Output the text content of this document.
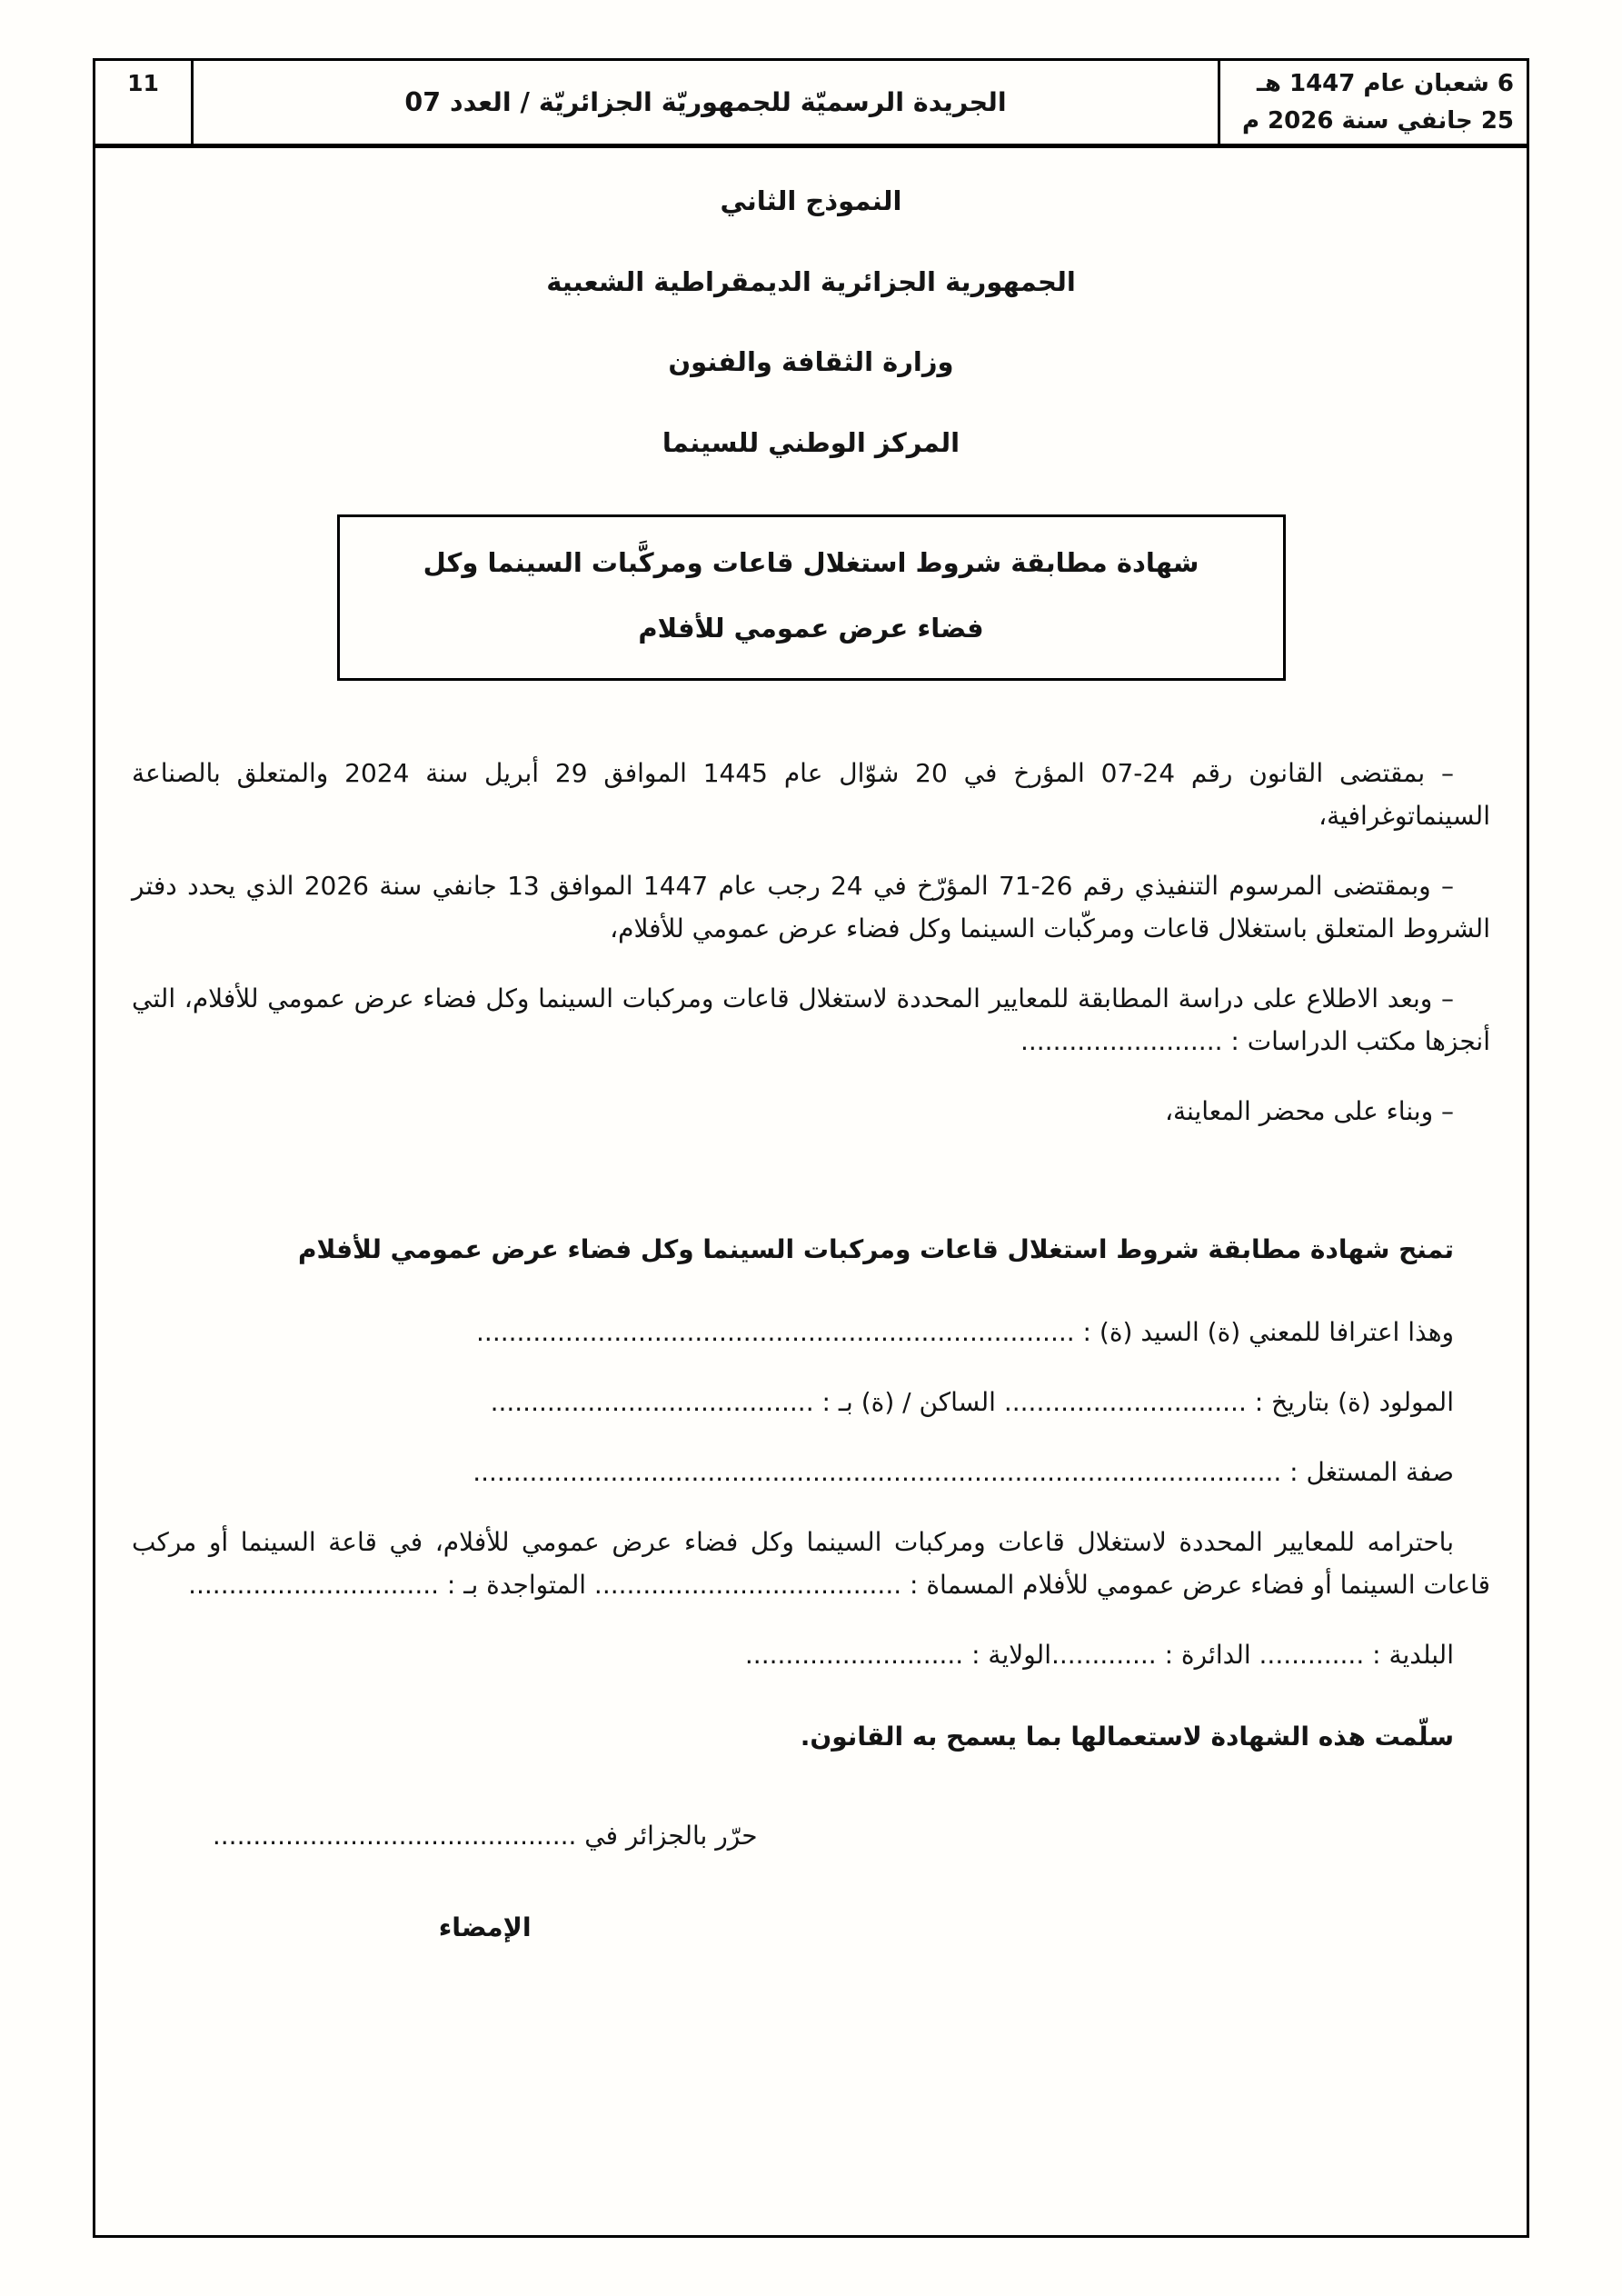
6 شعبان عام 1447 هـ
25 جانفي سنة 2026 م
الجريدة الرسميّة للجمهوريّة الجزائريّة / العدد 07
11
النموذج الثاني
الجمهورية الجزائرية الديمقراطية الشعبية
وزارة الثقافة والفنون
المركز الوطني للسينما
شهادة مطابقة شروط استغلال قاعات ومركَّبات السينما وكل
فضاء عرض عمومي للأفلام

– بمقتضى القانون رقم 24-07 المؤرخ في 20 شوّال عام 1445 الموافق 29 أبريل سنة 2024 والمتعلق بالصناعة السينماتوغرافية،

– وبمقتضى المرسوم التنفيذي رقم 26-71 المؤرّخ في 24 رجب عام 1447 الموافق 13 جانفي سنة 2026 الذي يحدد دفتر الشروط المتعلق باستغلال قاعات ومركّبات السينما وكل فضاء عرض عمومي للأفلام،

– وبعد الاطلاع على دراسة المطابقة للمعايير المحددة لاستغلال قاعات ومركبات السينما وكل فضاء عرض عمومي للأفلام، التي أنجزها مكتب الدراسات : .........................

– وبناء على محضر المعاينة،

تمنح شهادة مطابقة شروط استغلال قاعات ومركبات السينما وكل فضاء عرض عمومي للأفلام

وهذا اعترافا للمعني (ة) السيد (ة) : ..........................................................................

المولود (ة) بتاريخ : .............................. الساكن / (ة) بـ : ........................................

صفة المستغل : ....................................................................................................

باحترامه للمعايير المحددة لاستغلال قاعات ومركبات السينما وكل فضاء عرض عمومي للأفلام، في قاعة السينما أو مركب قاعات السينما أو فضاء عرض عمومي للأفلام المسماة : ...................................... المتواجدة بـ : ...............................

البلدية : ............. الدائرة : .............الولاية : ...........................

سلّمت هذه الشهادة لاستعمالها بما يسمح به القانون.

حرّر بالجزائر في .............................................
الإمضاء
